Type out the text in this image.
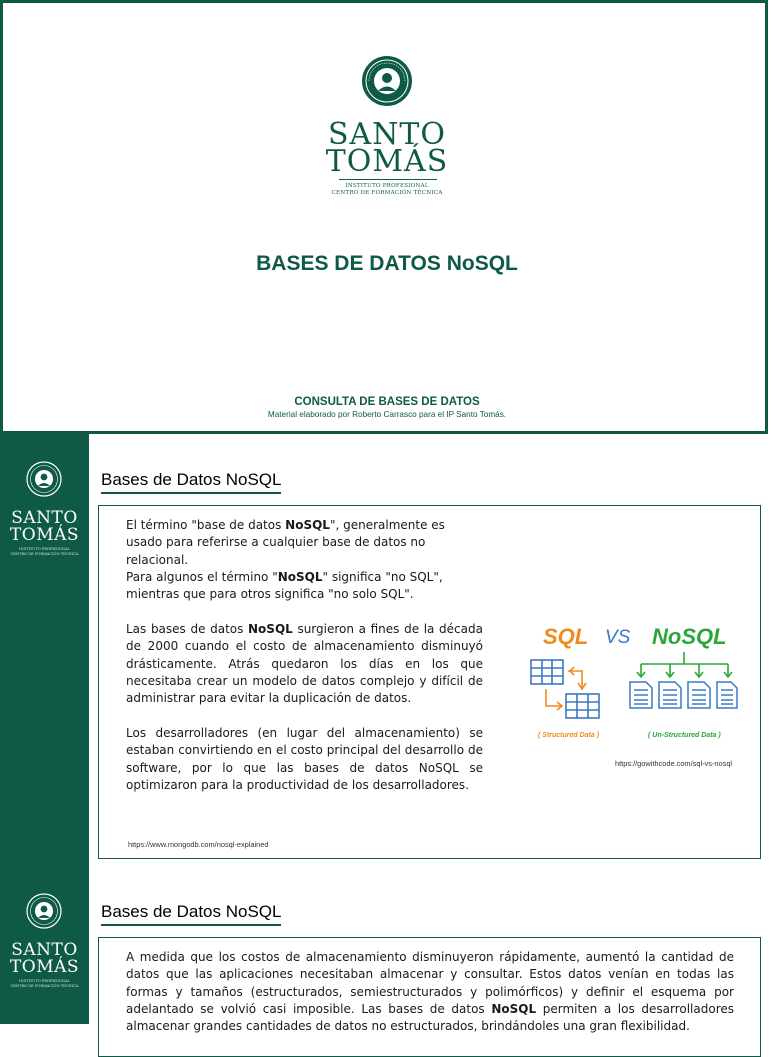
SANTO
TOMÁS
INSTITUTO PROFESIONAL
CENTRO DE FORMACIÓN TÉCNICA
BASES DE DATOS NoSQL
CONSULTA DE BASES DE DATOS
Material elaborado por Roberto Carrasco para el IP Santo Tomás.
SANTO
TOMÁS
INSTITUTO PROFESIONAL
CENTRO DE FORMACIÓN TÉCNICA
Bases de Datos NoSQL

El término "base de datos NoSQL", generalmente es usado para referirse a cualquier base de datos no relacional.

Para algunos el término "NoSQL" significa "no SQL", mientras que para otros significa "no solo SQL".

Las bases de datos NoSQL surgieron a fines de la década de 2000 cuando el costo de almacenamiento disminuyó drásticamente. Atrás quedaron los días en los que necesitaba crear un modelo de datos complejo y difícil de administrar para evitar la duplicación de datos.

Los desarrolladores (en lugar del almacenamiento) se estaban convirtiendo en el costo principal del desarrollo de software, por lo que las bases de datos NoSQL se optimizaron para la productividad de los desarrolladores.

https://www.mongodb.com/nosql-explained
SQL VS NoSQL
( Structured Data )	( Un-Structured Data )
https://gowithcode.com/sql-vs-nosql
SANTO
TOMÁS
INSTITUTO PROFESIONAL
CENTRO DE FORMACIÓN TÉCNICA
Bases de Datos NoSQL

A medida que los costos de almacenamiento disminuyeron rápidamente, aumentó la cantidad de datos que las aplicaciones necesitaban almacenar y consultar. Estos datos venían en todas las formas y tamaños (estructurados, semiestructurados y polimórficos) y definir el esquema por adelantado se volvió casi imposible. Las bases de datos NoSQL permiten a los desarrolladores almacenar grandes cantidades de datos no estructurados, brindándoles una gran flexibilidad.
